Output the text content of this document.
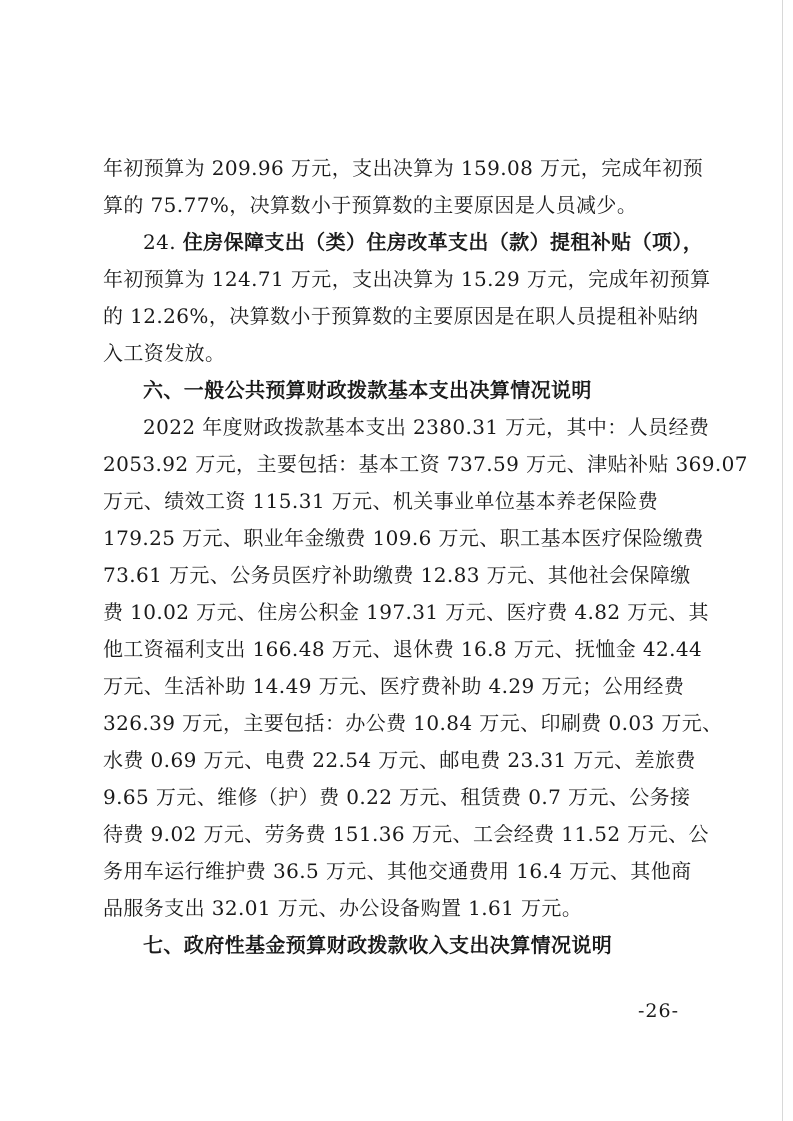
年初预算为 209.96 万元，支出决算为 159.08 万元，完成年初预
算的 75.77%，决算数小于预算数的主要原因是人员减少。
24. 住房保障支出（类）住房改革支出（款）提租补贴（项），
年初预算为 124.71 万元，支出决算为 15.29 万元，完成年初预算
的 12.26%，决算数小于预算数的主要原因是在职人员提租补贴纳
入工资发放。
六、一般公共预算财政拨款基本支出决算情况说明
2022 年度财政拨款基本支出 2380.31 万元，其中：人员经费
2053.92 万元，主要包括：基本工资 737.59 万元、津贴补贴 369.07
万元、绩效工资 115.31 万元、机关事业单位基本养老保险费
179.25 万元、职业年金缴费 109.6 万元、职工基本医疗保险缴费
73.61 万元、公务员医疗补助缴费 12.83 万元、其他社会保障缴
费 10.02 万元、住房公积金 197.31 万元、医疗费 4.82 万元、其
他工资福利支出 166.48 万元、退休费 16.8 万元、抚恤金 42.44
万元、生活补助 14.49 万元、医疗费补助 4.29 万元；公用经费
326.39 万元，主要包括：办公费 10.84 万元、印刷费 0.03 万元、
水费 0.69 万元、电费 22.54 万元、邮电费 23.31 万元、差旅费
9.65 万元、维修（护）费 0.22 万元、租赁费 0.7 万元、公务接
待费 9.02 万元、劳务费 151.36 万元、工会经费 11.52 万元、公
务用车运行维护费 36.5 万元、其他交通费用 16.4 万元、其他商
品服务支出 32.01 万元、办公设备购置 1.61 万元。
七、政府性基金预算财政拨款收入支出决算情况说明
-26-
